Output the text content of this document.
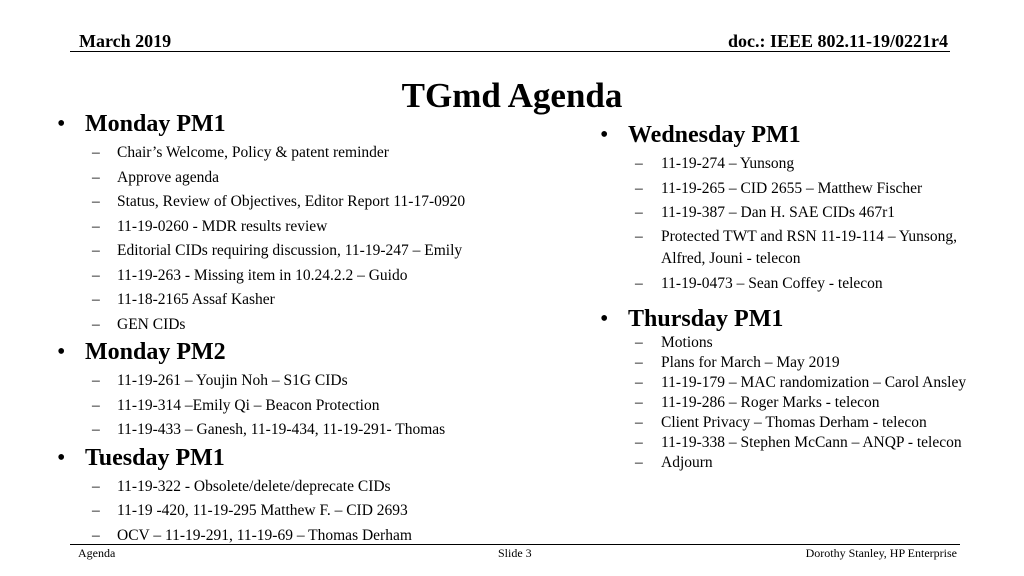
March 2019	doc.: IEEE 802.11-19/0221r4
TGmd Agenda
• Monday PM1
– Chair’s Welcome, Policy & patent reminder
– Approve agenda
– Status, Review of Objectives, Editor Report 11-17-0920
– 11-19-0260 - MDR results review
– Editorial CIDs requiring discussion, 11-19-247 – Emily
– 11-19-263 - Missing item in 10.24.2.2 – Guido
– 11-18-2165 Assaf Kasher
– GEN CIDs
• Monday PM2
– 11-19-261 – Youjin Noh – S1G CIDs
– 11-19-314 –Emily Qi – Beacon Protection
– 11-19-433 – Ganesh, 11-19-434, 11-19-291- Thomas
• Tuesday PM1
– 11-19-322 - Obsolete/delete/deprecate CIDs
– 11-19 -420, 11-19-295 Matthew F. – CID 2693
– OCV – 11-19-291, 11-19-69 – Thomas Derham
• Wednesday PM1
– 11-19-274 – Yunsong
– 11-19-265 – CID 2655 – Matthew Fischer
– 11-19-387 – Dan H. SAE CIDs 467r1
– Protected TWT and RSN 11-19-114 – Yunsong, Alfred, Jouni - telecon
– 11-19-0473 – Sean Coffey - telecon
• Thursday PM1
– Motions
– Plans for March – May 2019
– 11-19-179 – MAC randomization – Carol Ansley
– 11-19-286 – Roger Marks - telecon
– Client Privacy – Thomas Derham - telecon
– 11-19-338 – Stephen McCann – ANQP - telecon
– Adjourn
Agenda	Slide 3	Dorothy Stanley, HP Enterprise
